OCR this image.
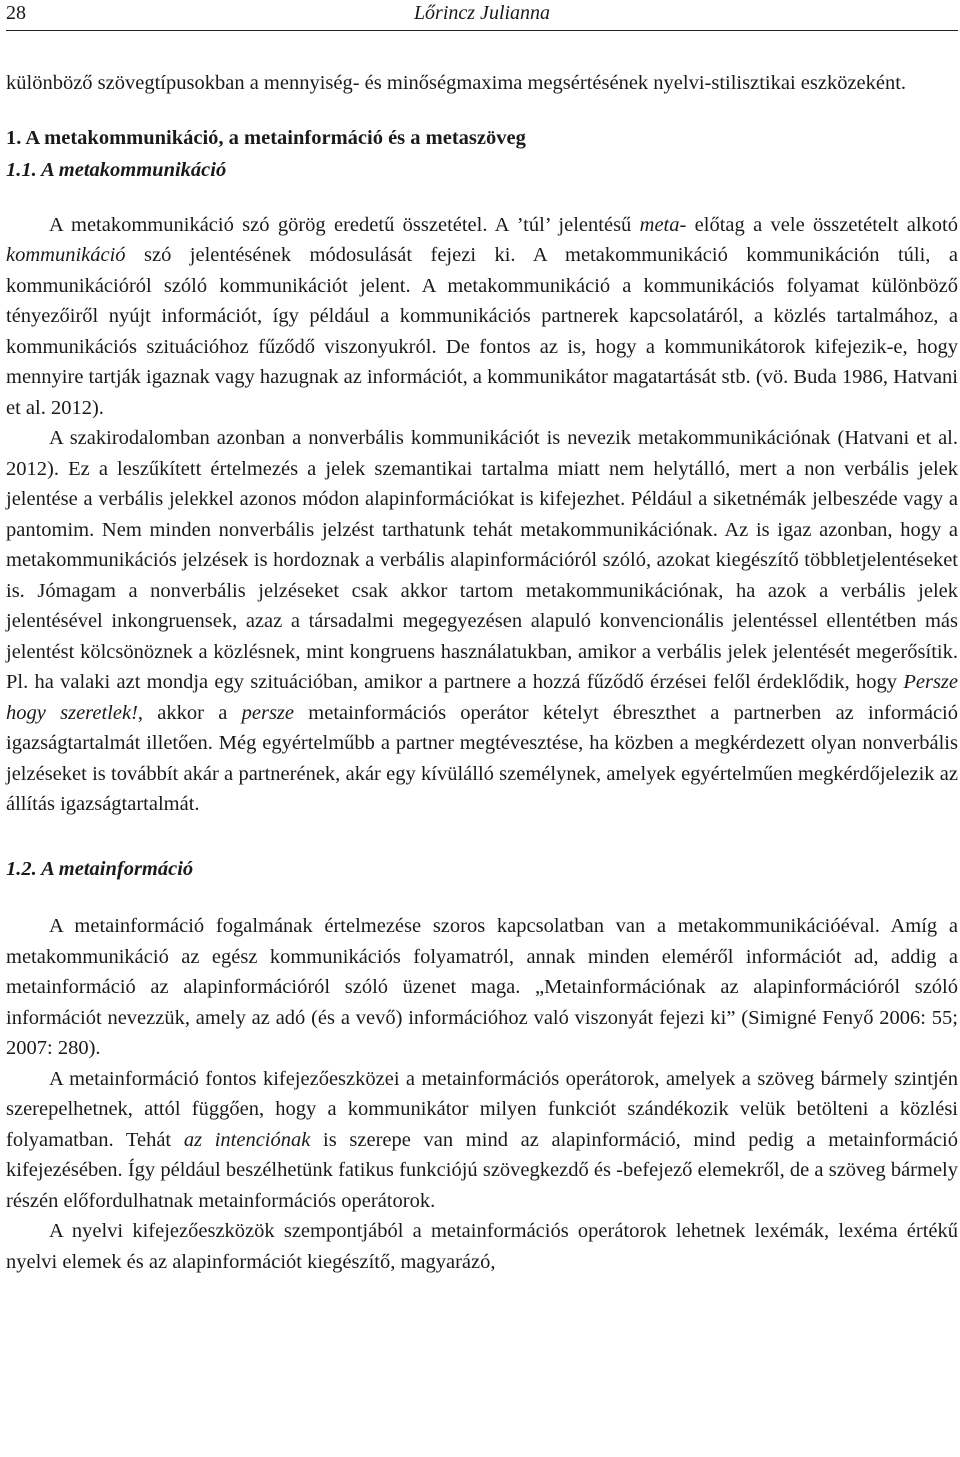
28	Lőrincz Julianna

különböző szövegtípusokban a mennyiség- és minőségmaxima megsértésének nyelvi-stilisztikai eszközeként.

1. A metakommunikáció, a metainformáció és a metaszöveg

1.1. A metakommunikáció

A metakommunikáció szó görög eredetű összetétel. A ’túl’ jelentésű meta- előtag a vele összetételt alkotó kommunikáció szó jelentésének módosulását fejezi ki. A metakommunikáció kommunikáción túli, a kommunikációról szóló kommunikációt jelent. A metakommunikáció a kommunikációs folyamat különböző tényezőiről nyújt információt, így például a kommunikációs partnerek kapcsolatáról, a közlés tartalmához, a kommunikációs szituációhoz fűződő viszonyukról. De fontos az is, hogy a kommunikátorok kifejezik-e, hogy mennyire tartják igaznak vagy hazugnak az információt, a kommunikátor magatartását stb. (vö. Buda 1986, Hatvani et al. 2012).

A szakirodalomban azonban a nonverbális kommunikációt is nevezik metakommunikációnak (Hatvani et al. 2012). Ez a leszűkített értelmezés a jelek szemantikai tartalma miatt nem helytálló, mert a non verbális jelek jelentése a verbális jelekkel azonos módon alapinformációkat is kifejezhet. Például a siketnémák jelbeszéde vagy a pantomim. Nem minden nonverbális jelzést tarthatunk tehát metakommunikációnak. Az is igaz azonban, hogy a metakommunikációs jelzések is hordoznak a verbális alapinformációról szóló, azokat kiegészítő többletjelentéseket is. Jómagam a nonverbális jelzéseket csak akkor tartom metakommunikációnak, ha azok a verbális jelek jelentésével inkongruensek, azaz a társadalmi megegyezésen alapuló konvencionális jelentéssel ellentétben más jelentést kölcsönöznek a közlésnek, mint kongruens használatukban, amikor a verbális jelek jelentését megerősítik. Pl. ha valaki azt mondja egy szituációban, amikor a partnere a hozzá fűződő érzései felől érdeklődik, hogy Persze hogy szeretlek!, akkor a persze metainformációs operátor kételyt ébreszthet a partnerben az információ igazságtartalmát illetően. Még egyértelműbb a partner megtévesztése, ha közben a megkérdezett olyan nonverbális jelzéseket is továbbít akár a partnerének, akár egy kívülálló személynek, amelyek egyértelműen megkérdőjelezik az állítás igazságtartalmát.

1.2. A metainformáció

A metainformáció fogalmának értelmezése szoros kapcsolatban van a metakommunikációéval. Amíg a metakommunikáció az egész kommunikációs folyamatról, annak minden eleméről információt ad, addig a metainformáció az alapinformációról szóló üzenet maga. „Metainformációnak az alapinformációról szóló információt nevezzük, amely az adó (és a vevő) információhoz való viszonyát fejezi ki” (Simigné Fenyő 2006: 55; 2007: 280).

A metainformáció fontos kifejezőeszközei a metainformációs operátorok, amelyek a szöveg bármely szintjén szerepelhetnek, attól függően, hogy a kommunikátor milyen funkciót szándékozik velük betölteni a közlési folyamatban. Tehát az intenciónak is szerepe van mind az alapinformáció, mind pedig a metainformáció kifejezésében. Így például beszélhetünk fatikus funkciójú szövegkezdő és -befejező elemekről, de a szöveg bármely részén előfordulhatnak metainformációs operátorok.

A nyelvi kifejezőeszközök szempontjából a metainformációs operátorok lehetnek lexémák, lexéma értékű nyelvi elemek és az alapinformációt kiegészítő, magyarázó,
